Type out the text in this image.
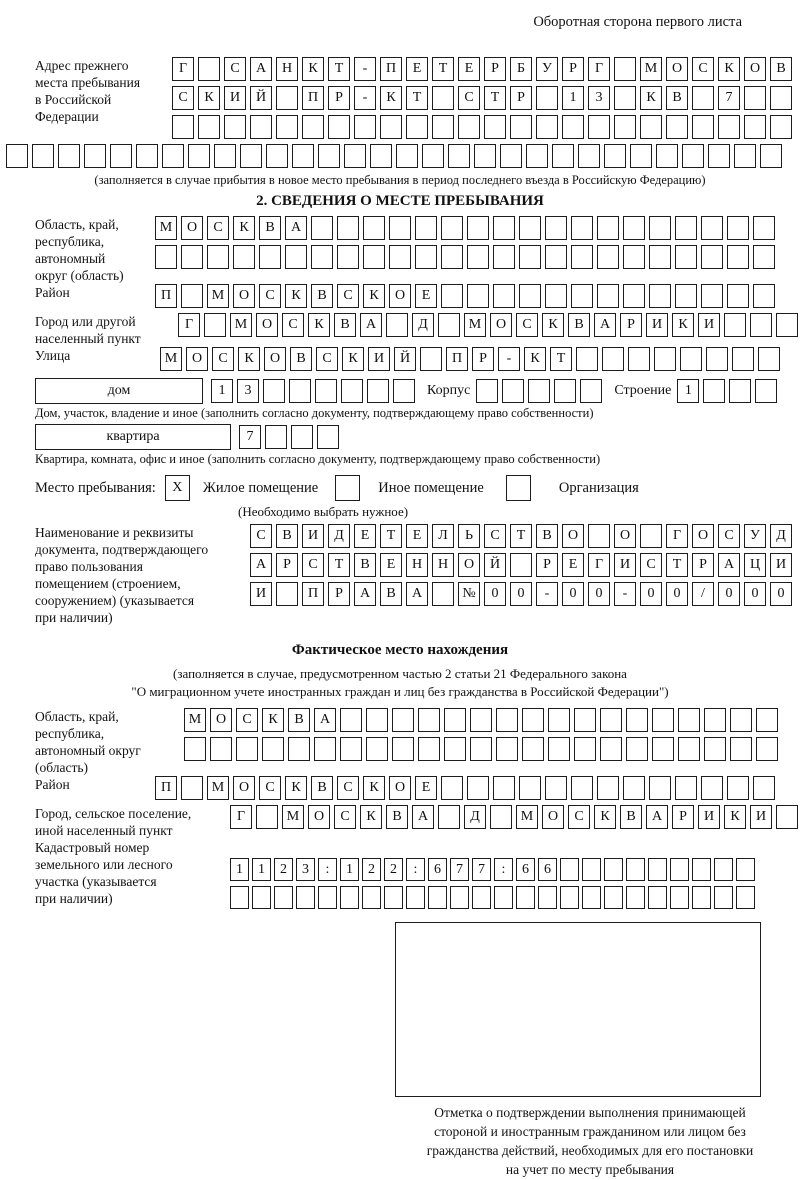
Оборотная сторона первого листа
Адрес прежнего
места пребывания
в Российской
Федерации
Г	С	А	Н	К	Т	-	П	Е	Т	Е	Р	Б	У	Р	Г	М	О	С	К	О	В
С	К	И	Й	П	Р	-	К	Т	С	Т	Р	1	3	К	В	7
(заполняется в случае прибытия в новое место пребывания в период последнего въезда в Российскую Федерацию)
2. СВЕДЕНИЯ О МЕСТЕ ПРЕБЫВАНИЯ
Область, край,
республика,
автономный
округ (область)
М	О	С	К	В	А
Район	П	М	О	С	К	В	С	К	О	Е
Город или другой
населенный пункт
Г	М	О	С	К	В	А	Д	М	О	С	К	В	А	Р	И	К	И
Улица	М	О	С	К	О	В	С	К	И	Й	П	Р	-	К	Т
дом	1	3	Корпус	Строение 1
Дом, участок, владение и иное (заполнить согласно документу, подтверждающему право собственности)
квартира	7
Квартира, комната, офис и иное (заполнить согласно документу, подтверждающему право собственности)
Место пребывания:	X	Жилое помещение	Иное помещение	Организация
(Необходимо выбрать нужное)
Наименование и реквизиты
документа, подтверждающего
право пользования
помещением (строением,
сооружением) (указывается
при наличии)
С	В	И	Д	Е	Т	Е	Л	Ь	С	Т	В	О	О	Г	О	С	У	Д
А	Р	С	Т	В	Е	Н	Н	О	Й	Р	Е	Г	И	С	Т	Р	А	Ц	И
И	П	Р	А	В	А	№	0	0	-	0	0	-	0	0	/	0	0	0
Фактическое место нахождения
(заполняется в случае, предусмотренном частью 2 статьи 21 Федерального закона
"О миграционном учете иностранных граждан и лиц без гражданства в Российской Федерации")
Область, край,
республика,
автономный округ
(область)
М	О	С	К	В	А
Район	П	М	О	С	К	В	С	К	О	Е
Город, сельское поселение,
иной населенный пункт
Г	М	О	С	К	В	А	Д	М	О	С	К	В	А	Р	И	К	И
Кадастровый номер
земельного или лесного
участка (указывается
при наличии)
1	1	2	3	:	1	2	2	:	6	7	7	:	6	6
Отметка о подтверждении выполнения принимающей
стороной и иностранным гражданином или лицом без
гражданства действий, необходимых для его постановки
на учет по месту пребывания
